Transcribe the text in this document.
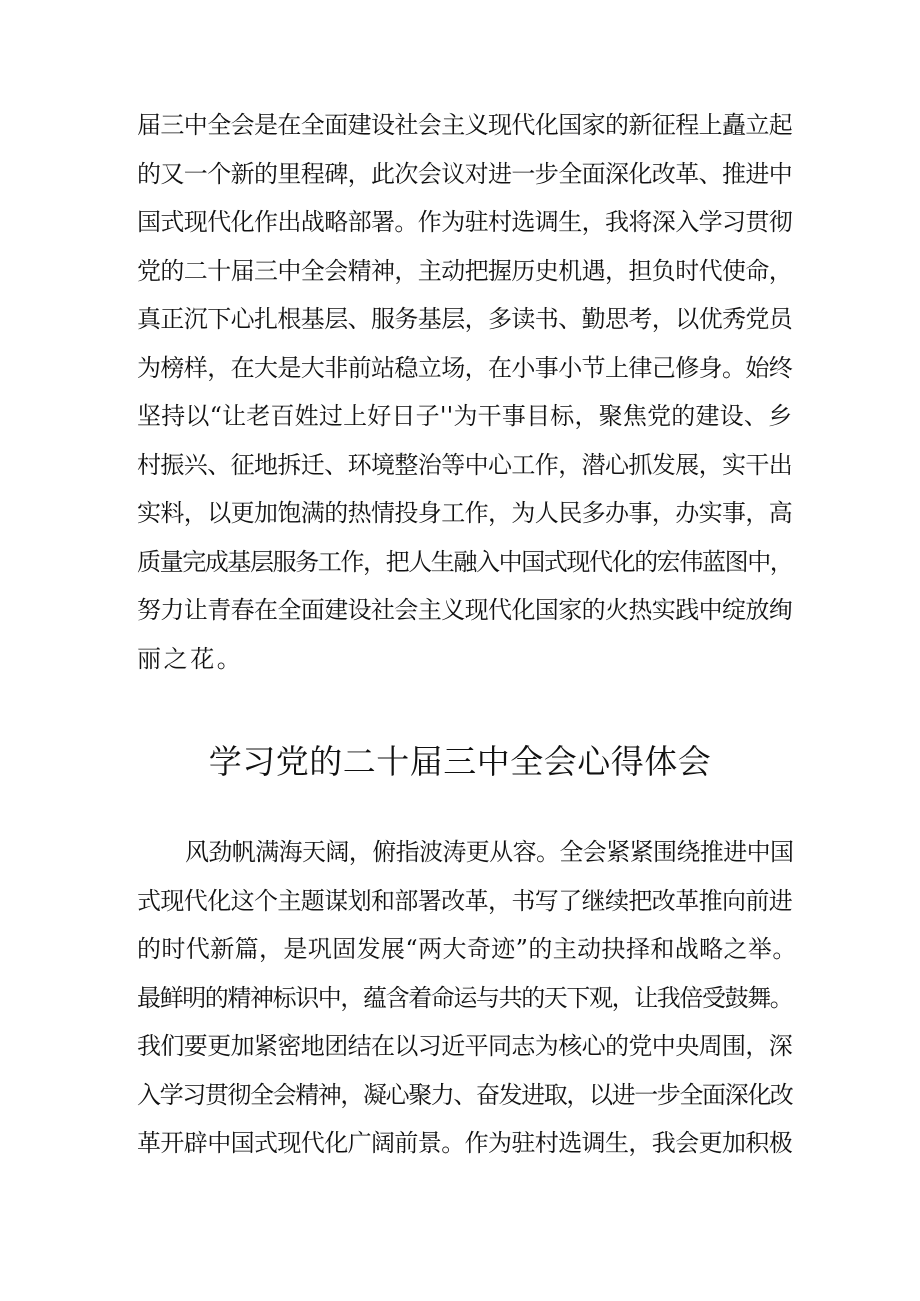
届三中全会是在全面建设社会主义现代化国家的新征程上矗立起
的又一个新的里程碑，此次会议对进一步全面深化改革、推进中
国式现代化作出战略部署。作为驻村选调生，我将深入学习贯彻
党的二十届三中全会精神，主动把握历史机遇，担负时代使命，
真正沉下心扎根基层、服务基层，多读书、勤思考，以优秀党员
为榜样，在大是大非前站稳立场，在小事小节上律己修身。始终
坚持以“让老百姓过上好日子''为干事目标，聚焦党的建设、乡
村振兴、征地拆迁、环境整治等中心工作，潜心抓发展，实干出
实料，以更加饱满的热情投身工作，为人民多办事，办实事，高
质量完成基层服务工作，把人生融入中国式现代化的宏伟蓝图中，
努力让青春在全面建设社会主义现代化国家的火热实践中绽放绚
丽之花。
学习党的二十届三中全会心得体会
风劲帆满海天阔，俯指波涛更从容。全会紧紧围绕推进中国
式现代化这个主题谋划和部署改革，书写了继续把改革推向前进
的时代新篇，是巩固发展“两大奇迹”的主动抉择和战略之举。
最鲜明的精神标识中，蕴含着命运与共的天下观，让我倍受鼓舞。
我们要更加紧密地团结在以习近平同志为核心的党中央周围，深
入学习贯彻全会精神，凝心聚力、奋发进取，以进一步全面深化改
革开辟中国式现代化广阔前景。作为驻村选调生，我会更加积极
